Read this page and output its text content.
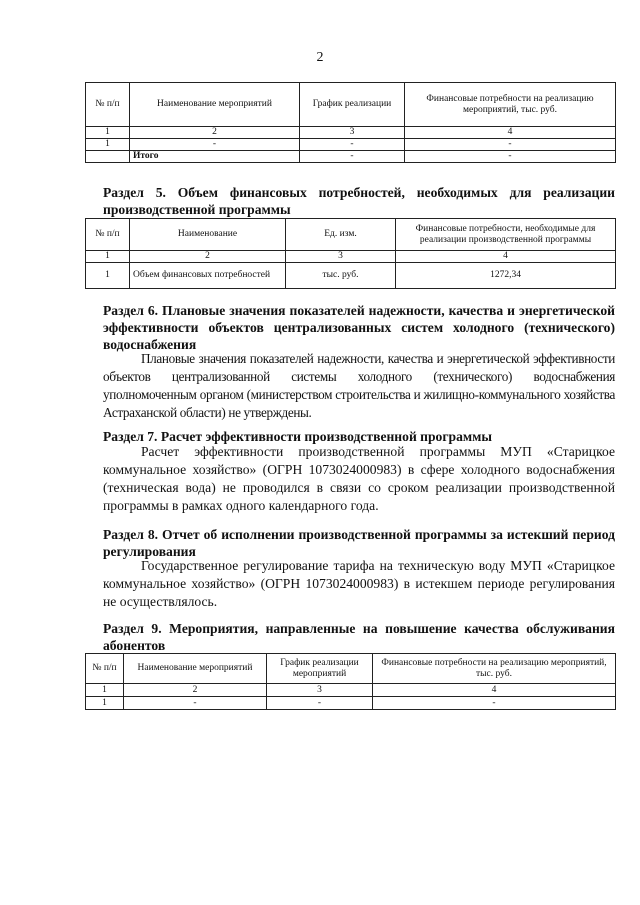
2
№ п/п	Наименование мероприятий	График реализации	Финансовые потребности на реализацию мероприятий, тыс. руб.
1	2	3	4
1	-	-	-
	Итого	-	-

Раздел 5. Объем финансовых потребностей, необходимых для реализации производственной программы

№ п/п	Наименование	Ед. изм.	Финансовые потребности, необходимые для реализации производственной программы
1	2	3	4
1	Объем финансовых потребностей	тыс. руб.	1272,34

Раздел 6. Плановые значения показателей надежности, качества и энергетической эффективности объектов централизованных систем холодного (технического) водоснабжения

Плановые значения показателей надежности, качества и энергетической эффективности объектов централизованной системы холодного (технического) водоснабжения уполномоченным органом (министерством строительства и жилищно-коммунального хозяйства Астраханской области) не утверждены.

Раздел 7. Расчет эффективности производственной программы

Расчет эффективности производственной программы МУП «Старицкое коммунальное хозяйство» (ОГРН 1073024000983) в сфере холодного водоснабжения (техническая вода) не проводился в связи со сроком реализации производственной программы в рамках одного календарного года.

Раздел 8. Отчет об исполнении производственной программы за истекший период регулирования

Государственное регулирование тарифа на техническую воду МУП «Старицкое коммунальное хозяйство» (ОГРН 1073024000983) в истекшем периоде регулирования не осуществлялось.

Раздел 9. Мероприятия, направленные на повышение качества обслуживания абонентов

№ п/п	Наименование мероприятий	График реализации мероприятий	Финансовые потребности на реализацию мероприятий, тыс. руб.
1	2	3	4
1	-	-	-
